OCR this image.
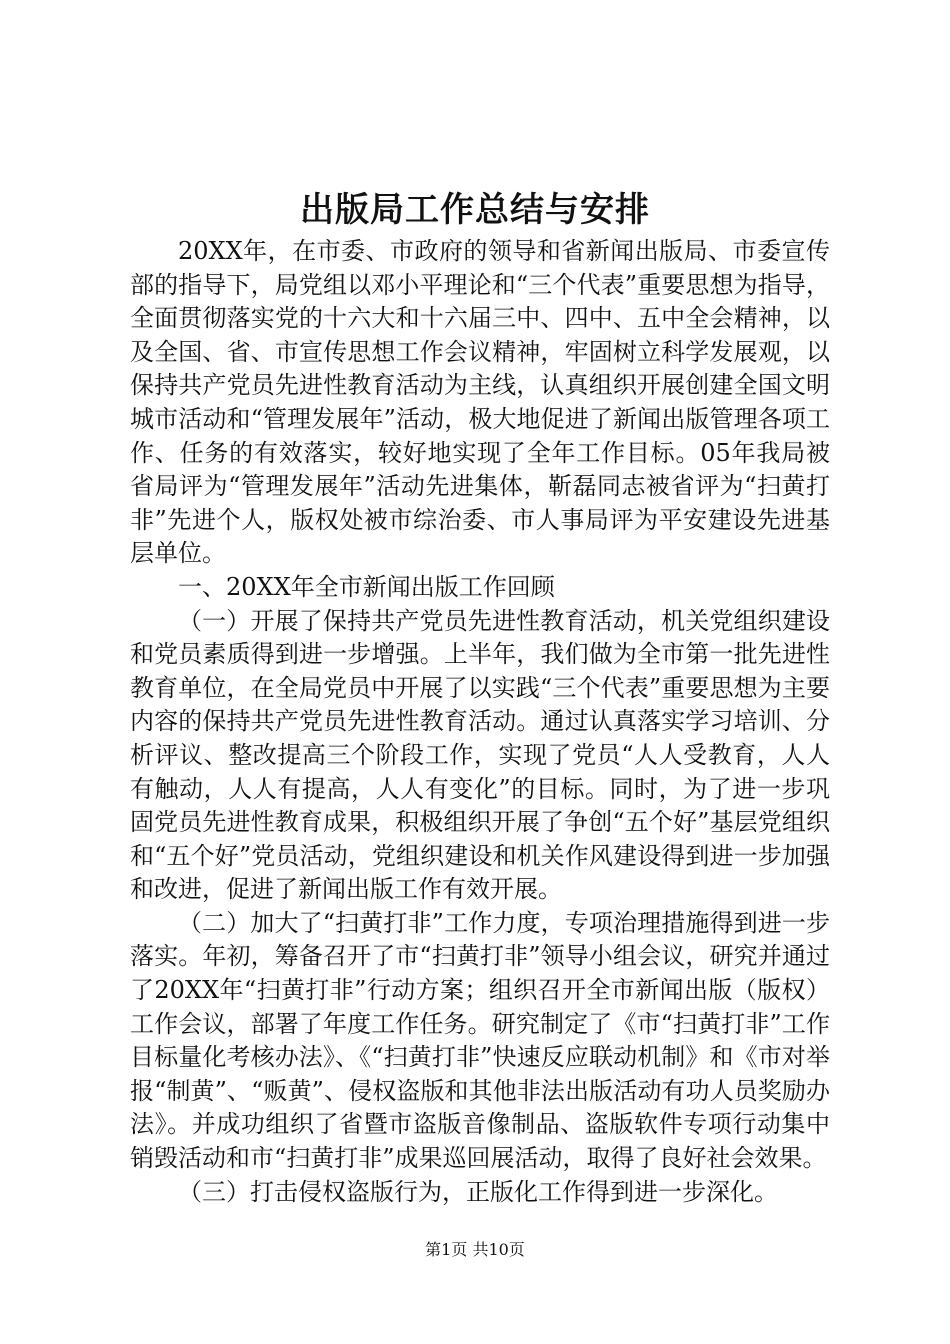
出版局工作总结与安排

20XX年，在市委、市政府的领导和省新闻出版局、市委宣传部的指导下，局党组以邓小平理论和“三个代表”重要思想为指导，全面贯彻落实党的十六大和十六届三中、四中、五中全会精神，以及全国、省、市宣传思想工作会议精神，牢固树立科学发展观，以保持共产党员先进性教育活动为主线，认真组织开展创建全国文明城市活动和“管理发展年”活动，极大地促进了新闻出版管理各项工作、任务的有效落实，较好地实现了全年工作目标。05年我局被省局评为“管理发展年”活动先进集体，靳磊同志被省评为“扫黄打非”先进个人，版权处被市综治委、市人事局评为平安建设先进基层单位。

一、20XX年全市新闻出版工作回顾

（一）开展了保持共产党员先进性教育活动，机关党组织建设和党员素质得到进一步增强。上半年，我们做为全市第一批先进性教育单位，在全局党员中开展了以实践“三个代表”重要思想为主要内容的保持共产党员先进性教育活动。通过认真落实学习培训、分析评议、整改提高三个阶段工作，实现了党员“人人受教育，人人有触动，人人有提高，人人有变化”的目标。同时，为了进一步巩固党员先进性教育成果，积极组织开展了争创“五个好”基层党组织和“五个好”党员活动，党组织建设和机关作风建设得到进一步加强和改进，促进了新闻出版工作有效开展。

（二）加大了“扫黄打非”工作力度，专项治理措施得到进一步落实。年初，筹备召开了市“扫黄打非”领导小组会议，研究并通过了20XX年“扫黄打非”行动方案；组织召开全市新闻出版（版权）工作会议，部署了年度工作任务。研究制定了《市“扫黄打非”工作目标量化考核办法》、《“扫黄打非”快速反应联动机制》和《市对举报“制黄”、“贩黄”、侵权盗版和其他非法出版活动有功人员奖励办法》。并成功组织了省暨市盗版音像制品、盗版软件专项行动集中销毁活动和市“扫黄打非”成果巡回展活动，取得了良好社会效果。

（三）打击侵权盗版行为，正版化工作得到进一步深化。

第1页 共10页
